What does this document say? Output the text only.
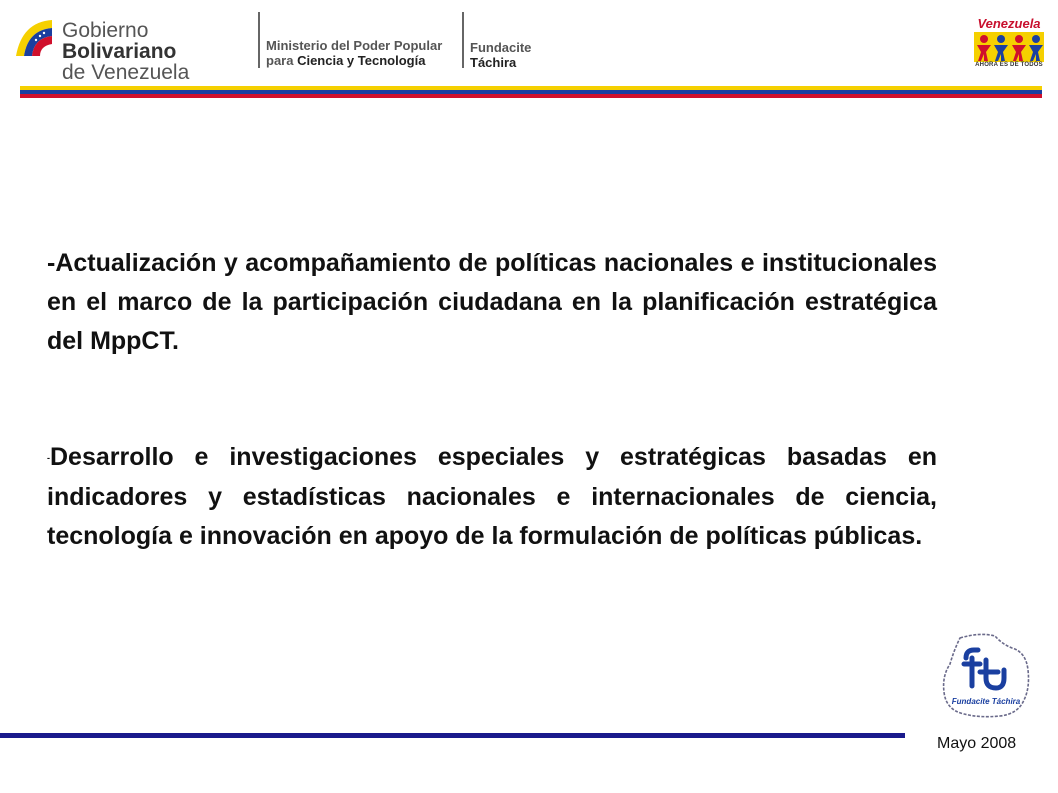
Gobierno Bolivariano
de Venezuela
Ministerio del Poder Popular
para Ciencia y Tecnología
Fundacite
Táchira
Venezuela
AHORA ES DE TODOS

-Actualización y acompañamiento de políticas nacionales e institucionales en el marco de la participación ciudadana en la planificación estratégica del MppCT.

-Desarrollo e investigaciones especiales y estratégicas basadas en indicadores y estadísticas nacionales e internacionales de ciencia, tecnología e innovación en apoyo de la formulación de políticas públicas.

Fundacite Táchira
Mayo 2008
